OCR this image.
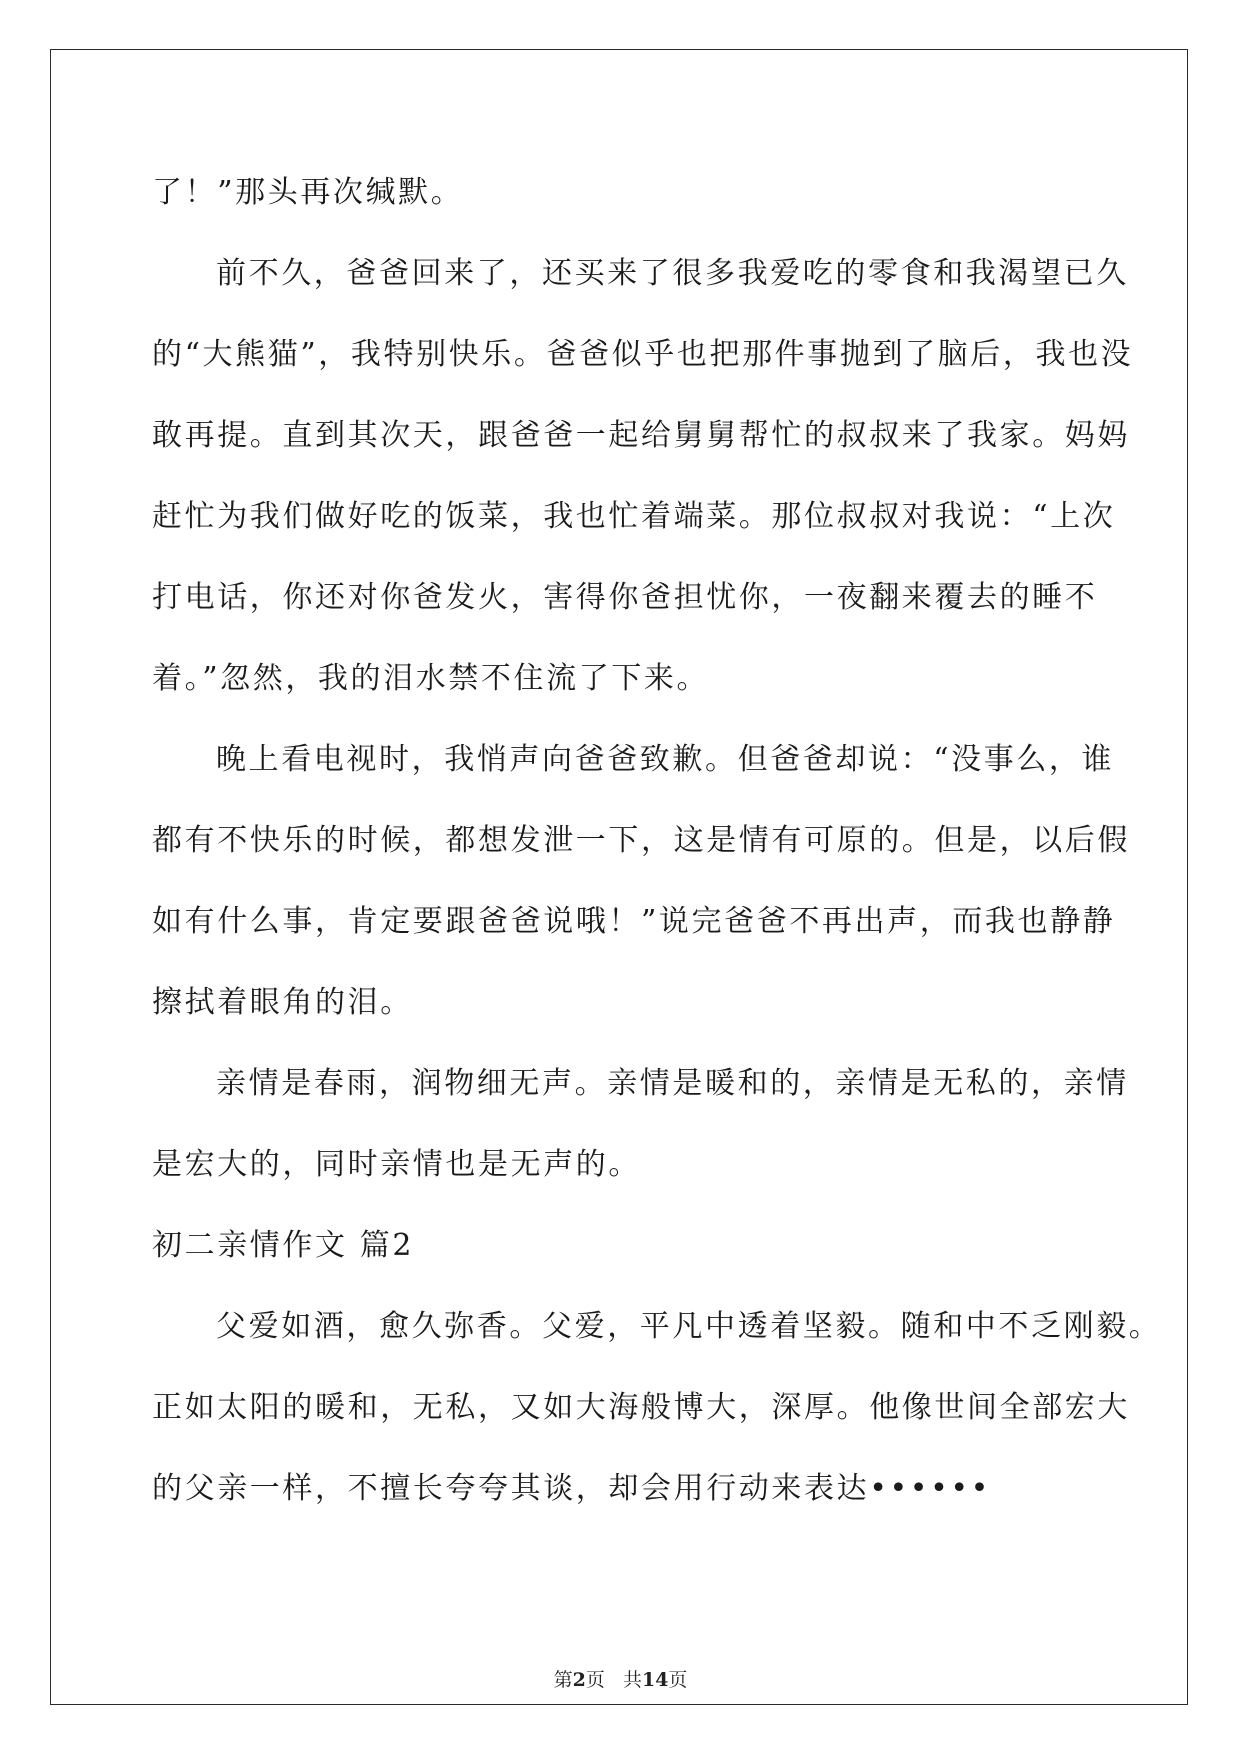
了！”那头再次缄默。

前不久，爸爸回来了，还买来了很多我爱吃的零食和我渴望已久

的“大熊猫”，我特别快乐。爸爸似乎也把那件事抛到了脑后，我也没

敢再提。直到其次天，跟爸爸一起给舅舅帮忙的叔叔来了我家。妈妈

赶忙为我们做好吃的饭菜，我也忙着端菜。那位叔叔对我说：“上次

打电话，你还对你爸发火，害得你爸担忧你，一夜翻来覆去的睡不

着。”忽然，我的泪水禁不住流了下来。

晚上看电视时，我悄声向爸爸致歉。但爸爸却说：“没事么，谁

都有不快乐的时候，都想发泄一下，这是情有可原的。但是，以后假

如有什么事，肯定要跟爸爸说哦！”说完爸爸不再出声，而我也静静

擦拭着眼角的泪。

亲情是春雨，润物细无声。亲情是暖和的，亲情是无私的，亲情

是宏大的，同时亲情也是无声的。

初二亲情作文 篇2

父爱如酒，愈久弥香。父爱，平凡中透着坚毅。随和中不乏刚毅。

正如太阳的暖和，无私，又如大海般博大，深厚。他像世间全部宏大

的父亲一样，不擅长夸夸其谈，却会用行动来表达••••••

第2页 共14页
